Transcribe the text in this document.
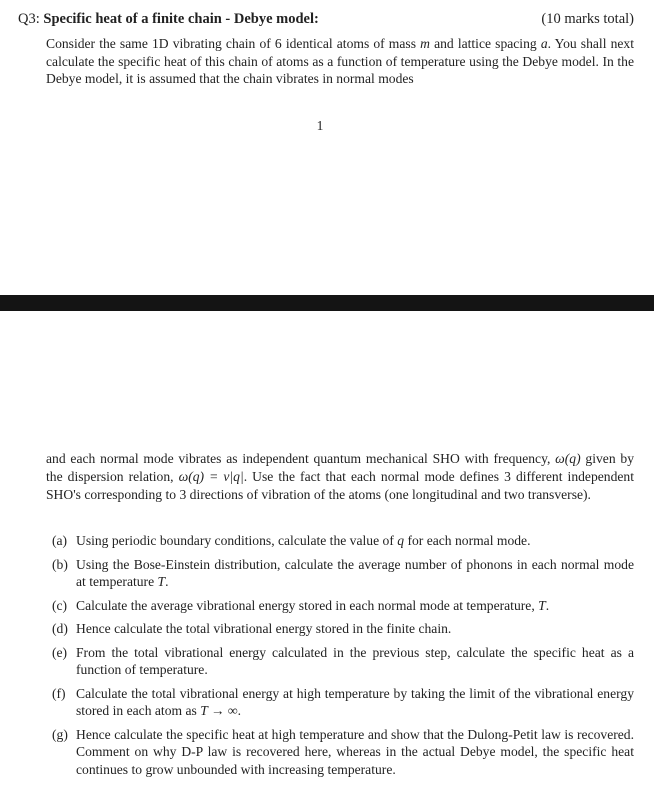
Q3: Specific heat of a finite chain - Debye model:	(10 marks total)
Consider the same 1D vibrating chain of 6 identical atoms of mass m and lattice spacing a. You shall next calculate the specific heat of this chain of atoms as a function of temperature using the Debye model. In the Debye model, it is assumed that the chain vibrates in normal modes
1
and each normal mode vibrates as independent quantum mechanical SHO with frequency, ω(q) given by the dispersion relation, ω(q) = v|q|. Use the fact that each normal mode defines 3 different independent SHO's corresponding to 3 directions of vibration of the atoms (one longitudinal and two transverse).
(a) Using periodic boundary conditions, calculate the value of q for each normal mode.
(b) Using the Bose-Einstein distribution, calculate the average number of phonons in each normal mode at temperature T.
(c) Calculate the average vibrational energy stored in each normal mode at temperature, T.
(d) Hence calculate the total vibrational energy stored in the finite chain.
(e) From the total vibrational energy calculated in the previous step, calculate the specific heat as a function of temperature.
(f) Calculate the total vibrational energy at high temperature by taking the limit of the vibrational energy stored in each atom as T → ∞.
(g) Hence calculate the specific heat at high temperature and show that the Dulong-Petit law is recovered. Comment on why D-P law is recovered here, whereas in the actual Debye model, the specific heat continues to grow unbounded with increasing temperature.
